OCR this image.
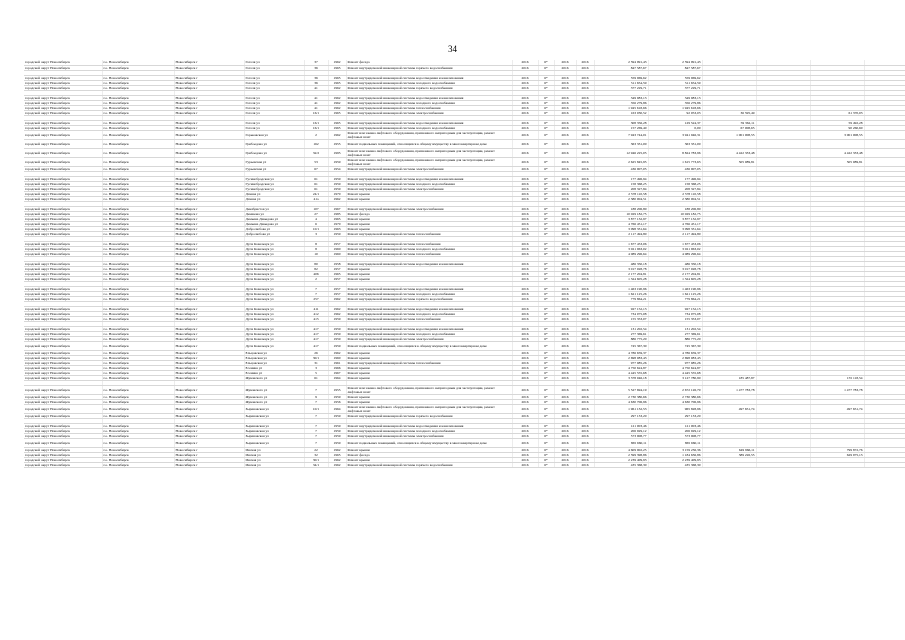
34
городской округ Новосибирск	г.о. Новосибирск	Новосибирск г	Гоголя ул	37	1962	Ремонт фасада	2016	6*	2016	2016	2 594 991,43	2 594 991,43				
городской округ Новосибирск	г.о. Новосибирск	Новосибирск г	Гоголя ул	36	1965	Ремонт внутридомовой инженерной системы горячего водоснабжения	2016	6*	2016	2016	847 587,67	847 587,67				

городской округ Новосибирск	г.о. Новосибирск	Новосибирск г	Гоголя ул	36	1965	Ремонт внутридомовой инженерной системы водоотведения и канализования	2016	6*	2016	2016	559 969,62	559 969,62				
городской округ Новосибирск	г.о. Новосибирск	Новосибирск г	Гоголя ул	36	1965	Ремонт внутридомовой инженерной системы холодного водоснабжения	2016	6*	2016	2016	511 654,59	511 654,59				
городской округ Новосибирск	г.о. Новосибирск	Новосибирск г	Гоголя ул	41	1962	Ремонт внутридомовой инженерной системы горячего водоснабжения	2016	6*	2016	2016	377 229,71	377 229,71				

городской округ Новосибирск	г.о. Новосибирск	Новосибирск г	Гоголя ул	41	1962	Ремонт внутридомовой инженерной системы водоотведения и канализования	2016	6*	2016	2016	349 983,13	349 983,13				
городской округ Новосибирск	г.о. Новосибирск	Новосибирск г	Гоголя ул	41	1962	Ремонт внутридомовой инженерной системы холодного водоснабжения	2016	6*	2016	2016	356 279,86	356 279,86				
городской округ Новосибирск	г.о. Новосибирск	Новосибирск г	Гоголя ул	41	1962	Ремонт внутридомовой инженерной системы теплоснабжения	2016	6*	2016	2016	1 945 618,66	1 945 618,66				
городской округ Новосибирск	г.о. Новосибирск	Новосибирск г	Гоголя ул	16/1	1965	Ремонт внутридомовой инженерной системы электроснабжения	2016	6*	2016	2016	163 030,52	92 053,03	36 595,49		61 370,03	

городской округ Новосибирск	г.о. Новосибирск	Новосибирск г	Гоголя ул	16/1	1965	Ремонт внутридомовой инженерной системы водоотведения и канализования	2016	6*	2016	2016	308 356,28	129 524,37	59 362,11		59 492,28	
городской округ Новосибирск	г.о. Новосибирск	Новосибирск г	Гоголя ул	16/1	1965	Ремонт внутридомовой инженерной системы холодного водоснабжения	2016	6*	2016	2016	157 269,40	0,00	67 008,65		90 260,60	
городской округ Новосибирск	г.о. Новосибирск	Новосибирск г	Горьковская ул	2	1962	Ремонт или замена лифтового оборудования, признанного непригодным для эксплуатации, ремонт лифтовых шахт	2016	6*	2016	2016	7 943 744,01	3 941 946,31	1 001 008,55		3 001 008,55	
городской округ Новосибирск	г.о. Новосибирск	Новосибирск г	Грибоедова ул	162	1955	Ремонт подвальных помещений, относящихся к общему имуществу в многоквартирном доме	2016	6*	2016	2016	363 331,00	363 331,00				
городской округ Новосибирск	г.о. Новосибирск	Новосибирск г	Грибоедова ул	32/2	1995	Ремонт или замена лифтового оборудования, признанного непригодным для эксплуатации, ремонт лифтовых шахт	2016	6*	2016	2016	12 946 225,05	8 824 783,96	4 422 333,48		4 422 333,48	
городской округ Новосибирск	г.о. Новосибирск	Новосибирск г	Гурьевская ул	53	1959	Ремонт или замена лифтового оборудования, признанного непригодным для эксплуатации, ремонт лифтовых шахт	2016	6*	2016	2016	2 625 845,95	1 615 773,63	505 089,81		505 089,81	
городской округ Новосибирск	г.о. Новосибирск	Новосибирск г	Гурьевская ул	67	1954	Ремонт внутридомовой инженерной системы электроснабжения	2016	6*	2016	2016	436 907,05	436 907,05				

городской округ Новосибирск	г.о. Новосибирск	Новосибирск г	Гусинобродская ул	61	1959	Ремонт внутридомовой инженерной системы водоотведения и канализования	2016	6*	2016	2016	177 496,94	177 496,94				
городской округ Новосибирск	г.о. Новосибирск	Новосибирск г	Гусинобродская ул	61	1959	Ремонт внутридомовой инженерной системы холодного водоснабжения	2016	6*	2016	2016	158 368,25	158 368,25				
городской округ Новосибирск	г.о. Новосибирск	Новосибирск г	Гусинобродская ул	61	1959	Ремонт внутридомовой инженерной системы электроснабжения	2016	6*	2016	2016	208 327,84	208 327,84				
городской округ Новосибирск	г.о. Новосибирск	Новосибирск г	Дачная ул	24/1	1970	Ремонт крыши	2016	6*	2016	2016	2 578 110,58	2 578 110,58				
городской округ Новосибирск	г.о. Новосибирск	Новосибирск г	Дачная ул	41а	1962	Ремонт крыши	2016	6*	2016	2016	2 380 004,51	2 380 004,51				

городской округ Новосибирск	г.о. Новосибирск	Новосибирск г	Декабристов ул	107	1967	Ремонт внутридомовой инженерной системы электроснабжения	2016	6*	2016	2016	188 206,80	188 206,80				
городской округ Новосибирск	г.о. Новосибирск	Новосибирск г	Демакова ул	27	1985	Ремонт фасада	2016	6*	2016	2016	10 029 182,75	10 029 182,75				
городской округ Новосибирск	г.о. Новосибирск	Новосибирск г	Демьяна Давыдова ул	4	1965	Ремонт крыши	2016	6*	2016	2016	3 877 132,97	3 877 132,97				
городской округ Новосибирск	г.о. Новосибирск	Новосибирск г	Демьяна Давыдова ул	6	1970	Ремонт крыши	2016	6*	2016	2016	4 766 451,17	4 766 451,17				
городской округ Новосибирск	г.о. Новосибирск	Новосибирск г	Добролюбова ул	10/1	1963	Ремонт крыши	2016	6*	2016	2016	3 098 331,64	3 098 331,64				
городской округ Новосибирск	г.о. Новосибирск	Новосибирск г	Добролюбова ул	3	1959	Ремонт внутридомовой инженерной системы теплоснабжения	2016	6*	2016	2016	2 117 494,80	2 117 494,80				

городской округ Новосибирск	г.о. Новосибирск	Новосибирск г	Дуси Ковальчук ул	8	1957	Ремонт внутридомовой инженерной системы теплоснабжения	2016	6*	2016	2016	1 677 453,06	1 677 453,06				
городской округ Новосибирск	г.о. Новосибирск	Новосибирск г	Дуси Ковальчук ул	8	1960	Ремонт внутридомовой инженерной системы холодного водоснабжения	2016	6*	2016	2016	3 021 963,02	3 021 963,02				
городской округ Новосибирск	г.о. Новосибирск	Новосибирск г	Дуси Ковальчук ул	10	1960	Ремонт внутридомовой инженерной системы теплоснабжения	2016	6*	2016	2016	4 089 296,64	4 089 296,64				

городской округ Новосибирск	г.о. Новосибирск	Новосибирск г	Дуси Ковальчук ул	80	1958	Ремонт внутридомовой инженерной системы водоотведения и канализования	2016	6*	2016	2016	486 350,18	486 350,18				
городской округ Новосибирск	г.о. Новосибирск	Новосибирск г	Дуси Ковальчук ул	82	1957	Ремонт крыши	2016	6*	2016	2016	3 017 028,78	3 017 028,78				
городской округ Новосибирск	г.о. Новосибирск	Новосибирск г	Дуси Ковальчук ул	406	1965	Ремонт крыши	2016	6*	2016	2016	2 177 204,81	2 177 204,81				
городской округ Новосибирск	г.о. Новосибирск	Новосибирск г	Дуси Ковальчук ул	2	1957	Ремонт крыши	2016	6*	2016	2016	1 324 605,28	1 324 605,28				

городской округ Новосибирск	г.о. Новосибирск	Новосибирск г	Дуси Ковальчук ул	7	1957	Ремонт внутридомовой инженерной системы водоотведения и канализования	2016	6*	2016	2016	1 463 190,96	1 463 190,96				
городской округ Новосибирск	г.о. Новосибирск	Новосибирск г	Дуси Ковальчук ул	7	1957	Ремонт внутридомовой инженерной системы холодного водоснабжения	2016	6*	2016	2016	1 621 125,26	1 621 125,26				
городской округ Новосибирск	г.о. Новосибирск	Новосибирск г	Дуси Ковальчук ул	257	1962	Ремонт внутридомовой инженерной системы горячего водоснабжения	2016	6*	2016	2016	779 864,21	779 864,21				

городской округ Новосибирск	г.о. Новосибирск	Новосибирск г	Дуси Ковальчук ул	411	1962	Ремонт внутридомовой инженерной системы водоотведения и канализования	2016	6*	2016	2016	927 152,13	927 152,13				
городской округ Новосибирск	г.о. Новосибирск	Новосибирск г	Дуси Ковальчук ул	412	1962	Ремонт внутридомовой инженерной системы холодного водоснабжения	2016	6*	2016	2016	734 075,08	734 075,08				
городской округ Новосибирск	г.о. Новосибирск	Новосибирск г	Дуси Ковальчук ул	415	1959	Ремонт внутридомовой инженерной системы теплоснабжения	2016	6*	2016	2016	155 353,07	155 353,07				

городской округ Новосибирск	г.о. Новосибирск	Новосибирск г	Дуси Ковальчук ул	417	1959	Ремонт внутридомовой инженерной системы водоотведения и канализования	2016	6*	2016	2016	131 202,54	131 202,54				
городской округ Новосибирск	г.о. Новосибирск	Новосибирск г	Дуси Ковальчук ул	417	1959	Ремонт внутридомовой инженерной системы холодного водоснабжения	2016	6*	2016	2016	277 369,61	277 369,61				
городской округ Новосибирск	г.о. Новосибирск	Новосибирск г	Дуси Ковальчук ул	417	1959	Ремонт внутридомовой инженерной системы электроснабжения	2016	6*	2016	2016	886 775,20	886 775,20				
городской округ Новосибирск	г.о. Новосибирск	Новосибирск г	Дуси Ковальчук ул	417	1959	Ремонт подвальных помещений, относящихся к общему имуществу в многоквартирном доме	2016	6*	2016	2016	745 367,30	745 367,30				
городской округ Новосибирск	г.о. Новосибирск	Новосибирск г	Ельцовская ул	26	1962	Ремонт крыши	2016	6*	2016	2016	4 786 659,37	4 786 659,37				
городской округ Новосибирск	г.о. Новосибирск	Новосибирск г	Ельцовская ул	30/1	1960	Ремонт крыши	2016	6*	2016	2016	2 698 083,43	2 698 083,43				
городской округ Новосибирск	г.о. Новосибирск	Новосибирск г	Ельцовская ул	31	1961	Ремонт внутридомовой инженерной системы теплоснабжения	2016	6*	2016	2016	977 985,26	977 985,26				
городской округ Новосибирск	г.о. Новосибирск	Новосибирск г	Есенина ул	3	1966	Ремонт крыши	2016	6*	2016	2016	4 750 624,87	4 750 624,87				
городской округ Новосибирск	г.о. Новосибирск	Новосибирск г	Есенина ул	5	1967	Ремонт крыши	2016	6*	2016	2016	4 445 555,68	4 445 555,68				
городской округ Новосибирск	г.о. Новосибирск	Новосибирск г	Жуковского ул	61	1964	Ремонт крыши	2016	6*	2016	2016	3 378 046,18	3 127 780,90	185 487,87		155 118,54	

городской округ Новосибирск	г.о. Новосибирск	Новосибирск г	Жуковского ул	7	1955	Ремонт или замена лифтового оборудования, признанного непригодным для эксплуатации, ремонт лифтовых шахт	2016	6*	2016	2016	5 527 694,19	2 672 126,70	1 477 783,78		1 477 783,78	
городской округ Новосибирск	г.о. Новосибирск	Новосибирск г	Жуковского ул	9	1959	Ремонт крыши	2016	6*	2016	2016	2 730 380,66	2 730 380,66				
городской округ Новосибирск	г.о. Новосибирск	Новосибирск г	Жуковского ул	7	1956	Ремонт крыши	2016	6*	2016	2016	4 630 706,96	4 630 706,96				
городской округ Новосибирск	г.о. Новосибирск	Новосибирск г	Зыряновская ул	10/1	1964	Ремонт или замена лифтового оборудования, признанного непригодным для эксплуатации, ремонт лифтовых шахт	2016	6*	2016	2016	1 961 132,53	965 828,96	497 651,74		497 651,74	
городской округ Новосибирск	г.о. Новосибирск	Новосибирск г	Зыряновская ул	7	1959	Ремонт внутридомовой инженерной системы горячего водоснабжения	2016	6*	2016	2016	297 133,20	297 133,20				

городской округ Новосибирск	г.о. Новосибирск	Новосибирск г	Зыряновская ул	7	1959	Ремонт внутридомовой инженерной системы водоотведения и канализования	2016	6*	2016	2016	121 003,46	121 003,46				
городской округ Новосибирск	г.о. Новосибирск	Новосибирск г	Зыряновская ул	7	1959	Ремонт внутридомовой инженерной системы холодного водоснабжения	2016	6*	2016	2016	206 929,12	206 929,12				
городской округ Новосибирск	г.о. Новосибирск	Новосибирск г	Зыряновская ул	7	1959	Ремонт внутридомовой инженерной системы электроснабжения	2016	6*	2016	2016	573 908,77	573 908,77				
городской округ Новосибирск	г.о. Новосибирск	Новосибирск г	Зыряновская ул	7	1959	Ремонт подвальных помещений, относящихся к общему имуществу в многоквартирном доме	2016	6*	2016	2016	865 660,11	865 660,11				
городской округ Новосибирск	г.о. Новосибирск	Новосибирск г	Инская ул	22	1962	Ремонт крыши	2016	6*	2016	2016	4 609 902,25	3 159 236,36	649 966,11		799 872,76	
городской округ Новосибирск	г.о. Новосибирск	Новосибирск г	Инская ул	32	1965	Ремонт фасада	2016	6*	2016	2016	2 599 398,86	1 184 636,86	389 226,55		629 975,13	
городской округ Новосибирск	г.о. Новосибирск	Новосибирск г	Инская ул	30/1	1962	Ремонт крыши	2016	6*	2016	2016	2 239 409,93	2 239 409,93				
городской округ Новосибирск	г.о. Новосибирск	Новосибирск г	Инская ул	34/1	1962	Ремонт внутридомовой инженерной системы горячего водоснабжения	2016	6*	2016	2016	435 368,30	435 368,30				
